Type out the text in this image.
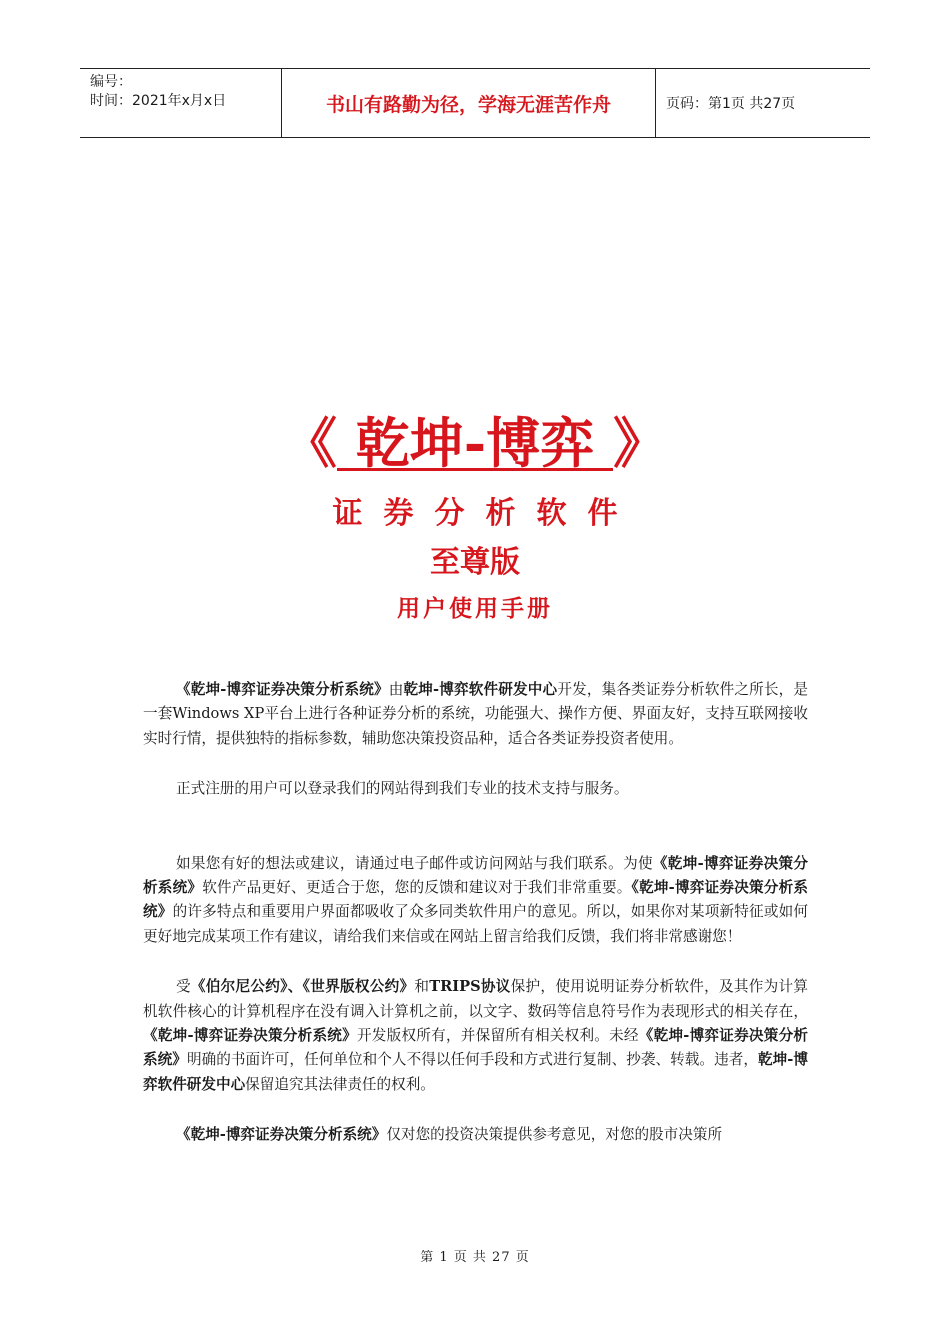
编号：
时间：2021年x月x日	书山有路勤为径，学海无涯苦作舟	页码：第1页 共27页
《 乾坤-博弈 》
证券分析软件
至尊版
用户使用手册

《乾坤-博弈证券决策分析系统》由乾坤-博弈软件研发中心开发，集各类证券分析软件之所长，是一套Windows XP平台上进行各种证券分析的系统，功能强大、操作方便、界面友好，支持互联网接收实时行情，提供独特的指标参数，辅助您决策投资品种，适合各类证券投资者使用。

正式注册的用户可以登录我们的网站得到我们专业的技术支持与服务。

如果您有好的想法或建议，请通过电子邮件或访问网站与我们联系。为使《乾坤-博弈证券决策分析系统》软件产品更好、更适合于您，您的反馈和建议对于我们非常重要。《乾坤-博弈证券决策分析系统》的许多特点和重要用户界面都吸收了众多同类软件用户的意见。所以，如果你对某项新特征或如何更好地完成某项工作有建议，请给我们来信或在网站上留言给我们反馈，我们将非常感谢您！

受《伯尔尼公约》、《世界版权公约》和TRIPS协议保护，使用说明证券分析软件，及其作为计算机软件核心的计算机程序在没有调入计算机之前，以文字、数码等信息符号作为表现形式的相关存在，《乾坤-博弈证券决策分析系统》开发版权所有，并保留所有相关权利。未经《乾坤-博弈证券决策分析系统》明确的书面许可，任何单位和个人不得以任何手段和方式进行复制、抄袭、转载。违者，乾坤-博弈软件研发中心保留追究其法律责任的权利。

《乾坤-博弈证券决策分析系统》仅对您的投资决策提供参考意见，对您的股市决策所

第 1 页 共 27 页
